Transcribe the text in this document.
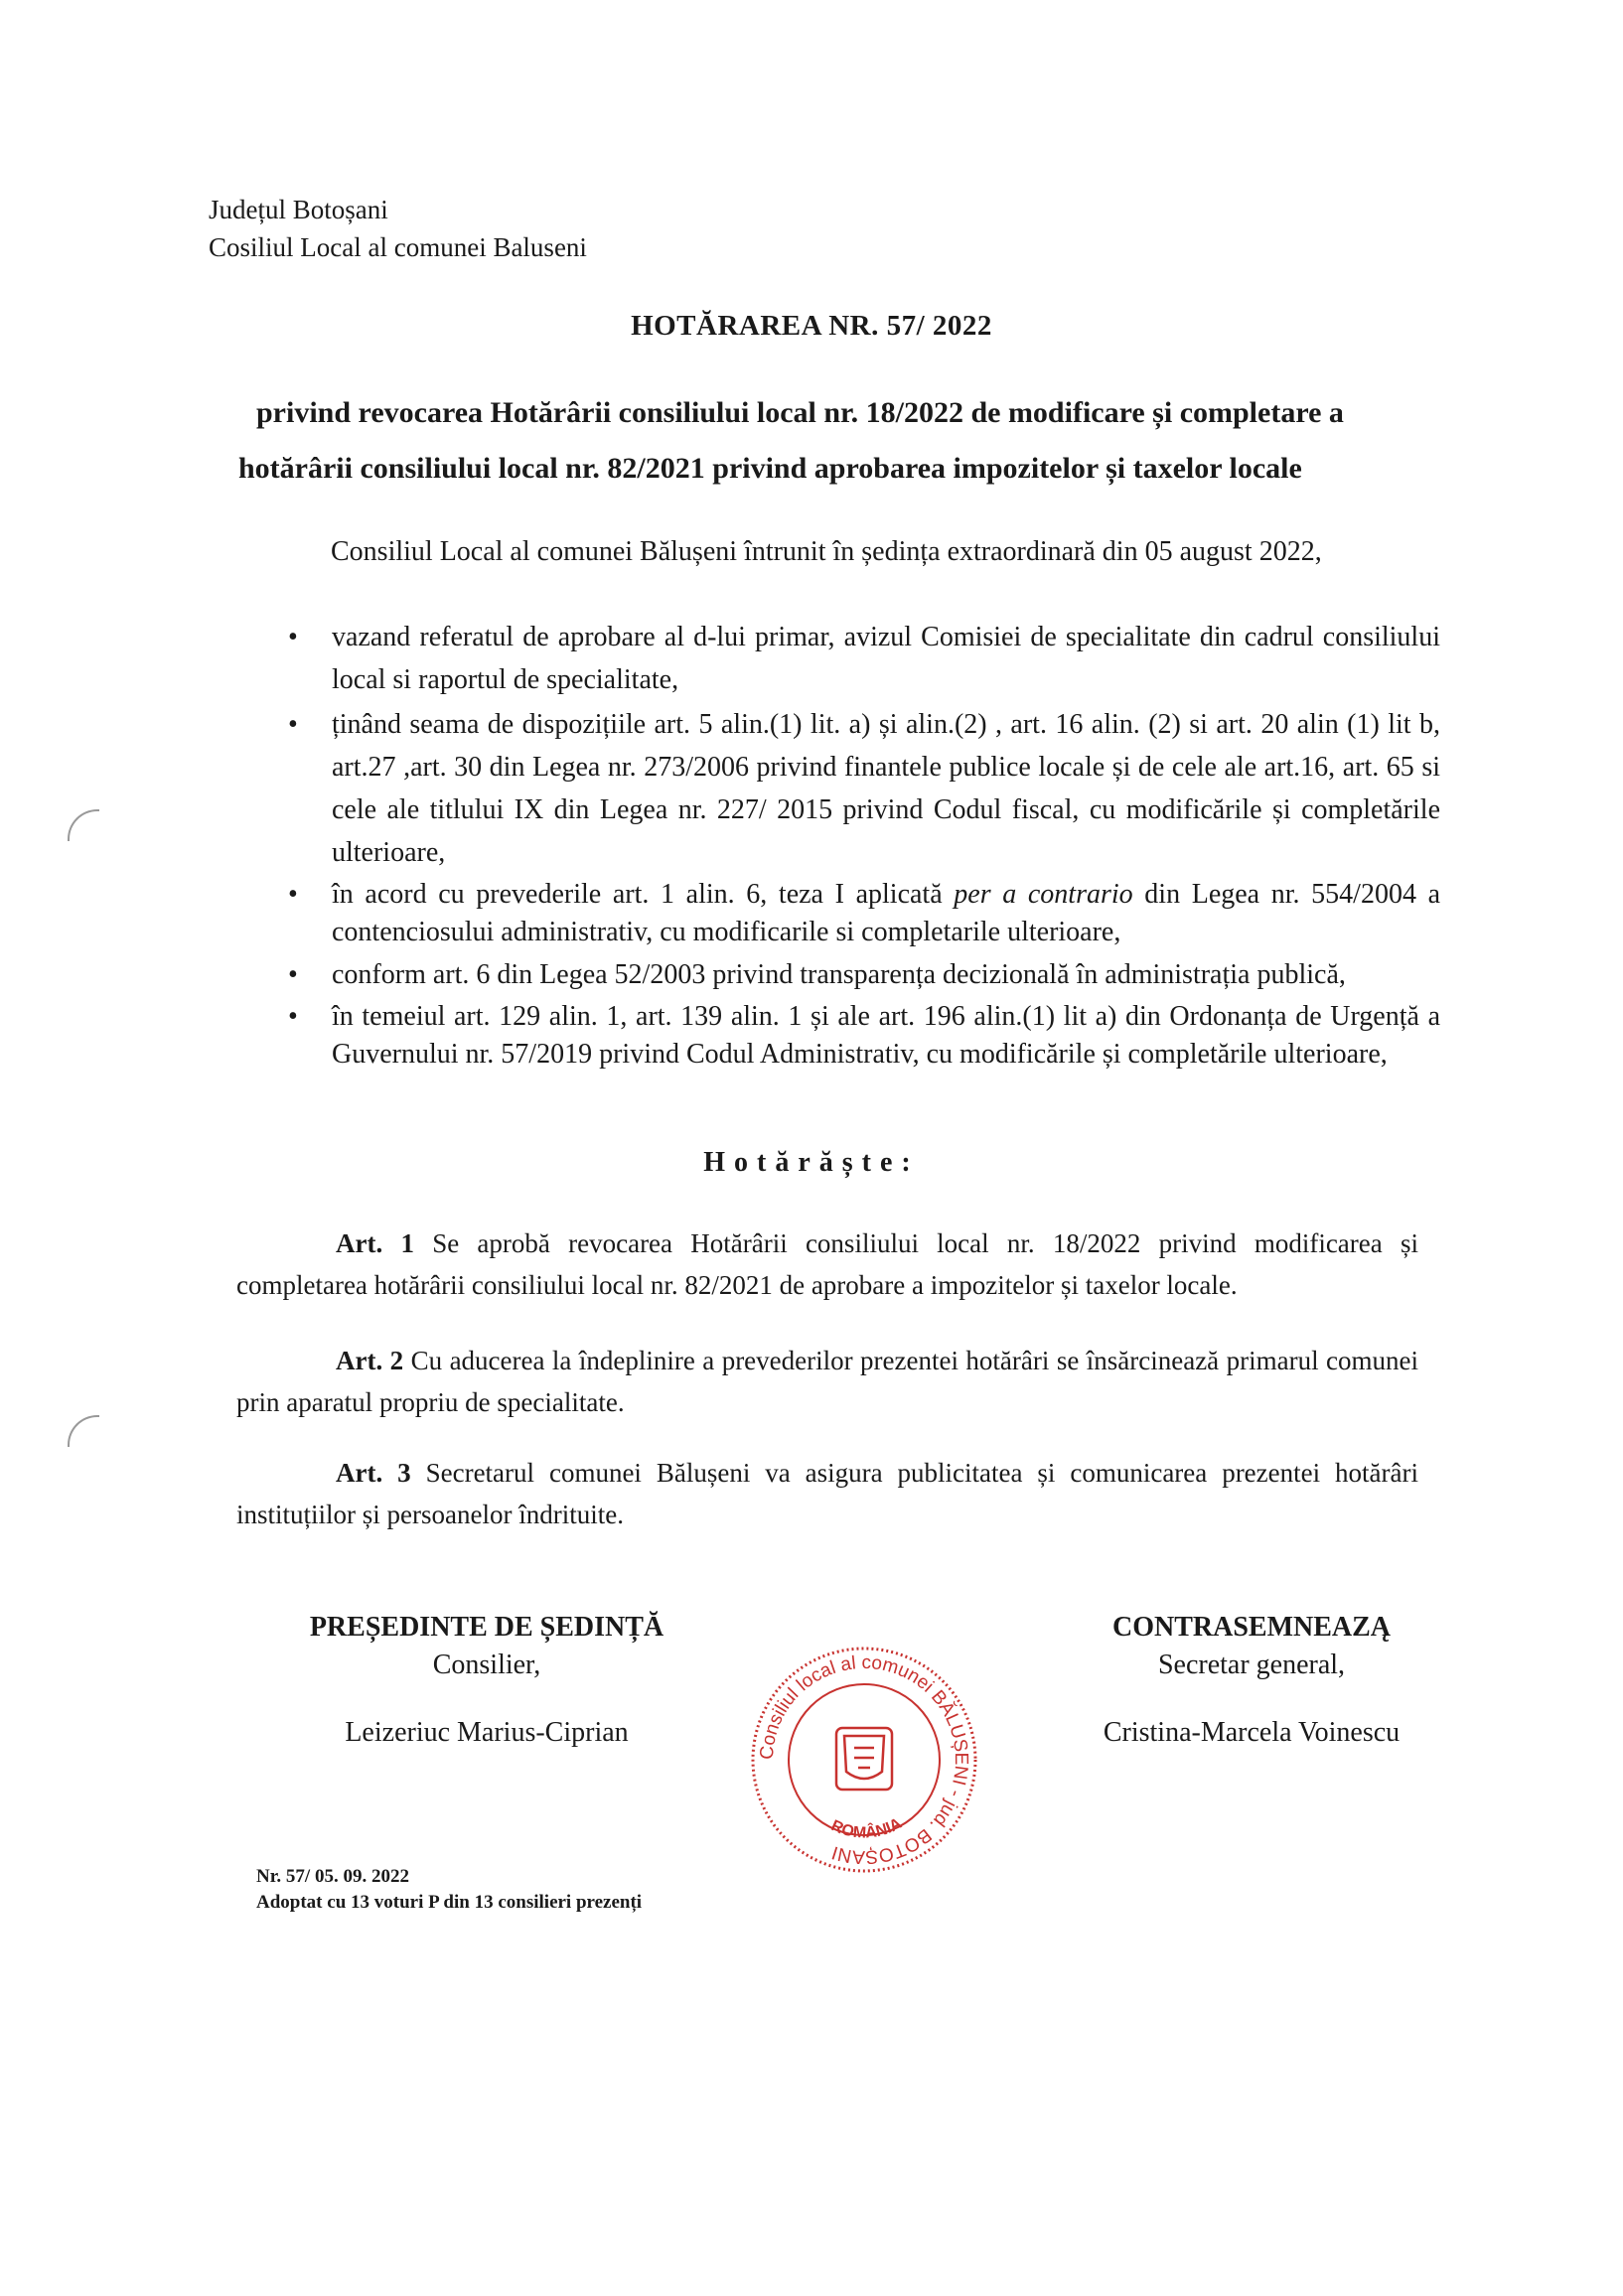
Județul Botoșani
Cosiliul Local al comunei Baluseni
HOTĂRAREA NR. 57/ 2022
privind revocarea Hotărârii consiliului local nr. 18/2022 de modificare și completare a
hotărârii consiliului local nr. 82/2021 privind aprobarea impozitelor și taxelor locale
Consiliul Local al comunei Bălușeni întrunit în ședința extraordinară din 05 august 2022,
• vazand referatul de aprobare al d-lui primar, avizul Comisiei de specialitate din cadrul consiliului local si raportul de specialitate,
• ținând seama de dispozițiile art. 5 alin.(1) lit. a) și alin.(2) , art. 16 alin. (2) si art. 20 alin (1) lit b, art.27 ,art. 30 din Legea nr. 273/2006 privind finantele publice locale și de cele ale art.16, art. 65 si cele ale titlului IX din Legea nr. 227/ 2015 privind Codul fiscal, cu modificările și completările ulterioare,
• în acord cu prevederile art. 1 alin. 6, teza I aplicată per a contrario din Legea nr. 554/2004 a contenciosului administrativ, cu modificarile si completarile ulterioare,
• conform art. 6 din Legea 52/2003 privind transparența decizională în administrația publică,
• în temeiul art. 129 alin. 1, art. 139 alin. 1 și ale art. 196 alin.(1) lit a) din Ordonanța de Urgență a Guvernului nr. 57/2019 privind Codul Administrativ, cu modificările și completările ulterioare,
Hotărăște:
Art. 1 Se aprobă revocarea Hotărârii consiliului local nr. 18/2022 privind modificarea și completarea hotărârii consiliului local nr. 82/2021 de aprobare a impozitelor și taxelor locale.
Art. 2 Cu aducerea la îndeplinire a prevederilor prezentei hotărâri se însărcinează primarul comunei prin aparatul propriu de specialitate.
Art. 3 Secretarul comunei Bălușeni va asigura publicitatea și comunicarea prezentei hotărâri instituțiilor și persoanelor îndrituite.
PREȘEDINTE DE ȘEDINȚĂ
Consilier,
Leizeriuc Marius-Ciprian
CONTRASEMNEAZĄ
Secretar general,
Cristina-Marcela Voinescu
Consiliul local al comunei BĂLUȘENI - jud. BOTOȘANI
ROMÂNIA
Nr. 57/ 05. 09. 2022
Adoptat cu 13 voturi P din 13 consilieri prezenți
